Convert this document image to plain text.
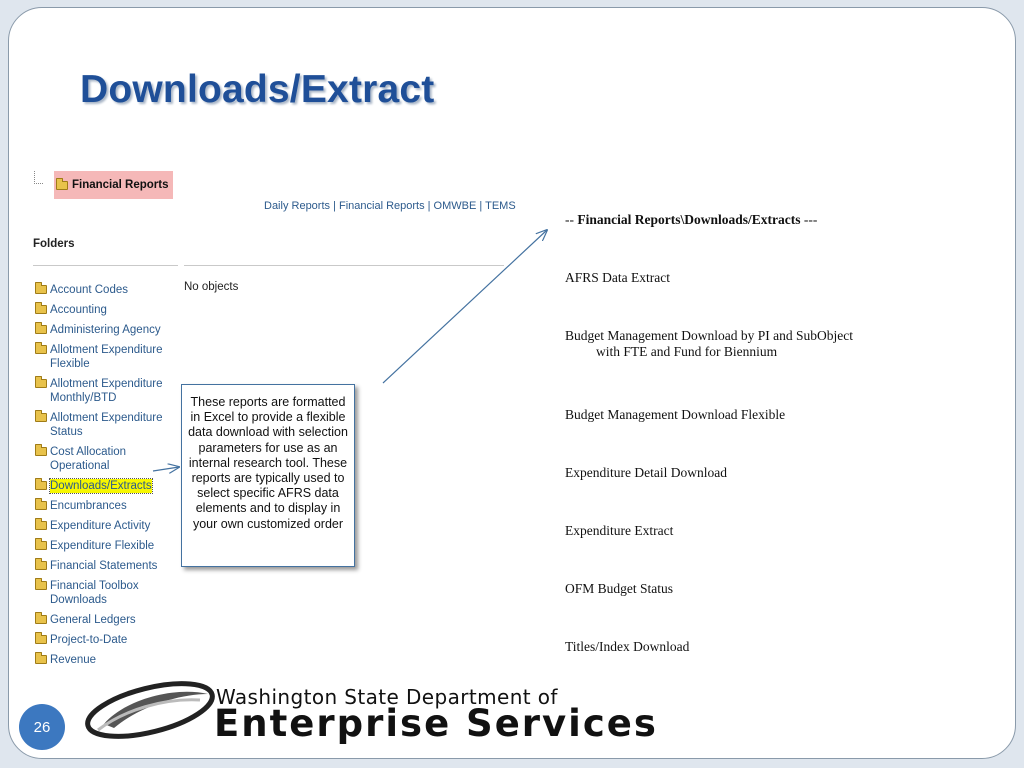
Downloads/Extract
Financial Reports
Daily Reports | Financial Reports | OMWBE | TEMS
Folders
Account Codes
Accounting
Administering Agency
Allotment Expenditure Flexible
Allotment Expenditure Monthly/BTD
Allotment Expenditure Status
Cost Allocation Operational
Downloads/Extracts
Encumbrances
Expenditure Activity
Expenditure Flexible
Financial Statements
Financial Toolbox Downloads
General Ledgers
Project-to-Date
Revenue
No objects
These reports are formatted in Excel to provide a flexible data download with selection parameters for use as an internal research tool. These reports are typically used to select specific AFRS data elements and to display in your own customized order
-- Financial Reports\Downloads/Extracts ---
AFRS Data Extract
Budget Management Download by PI and SubObject
with FTE and Fund for Biennium
Budget Management Download Flexible
Expenditure Detail Download
Expenditure Extract
OFM Budget Status
Titles/Index Download
26
Washington State Department of
Enterprise Services
